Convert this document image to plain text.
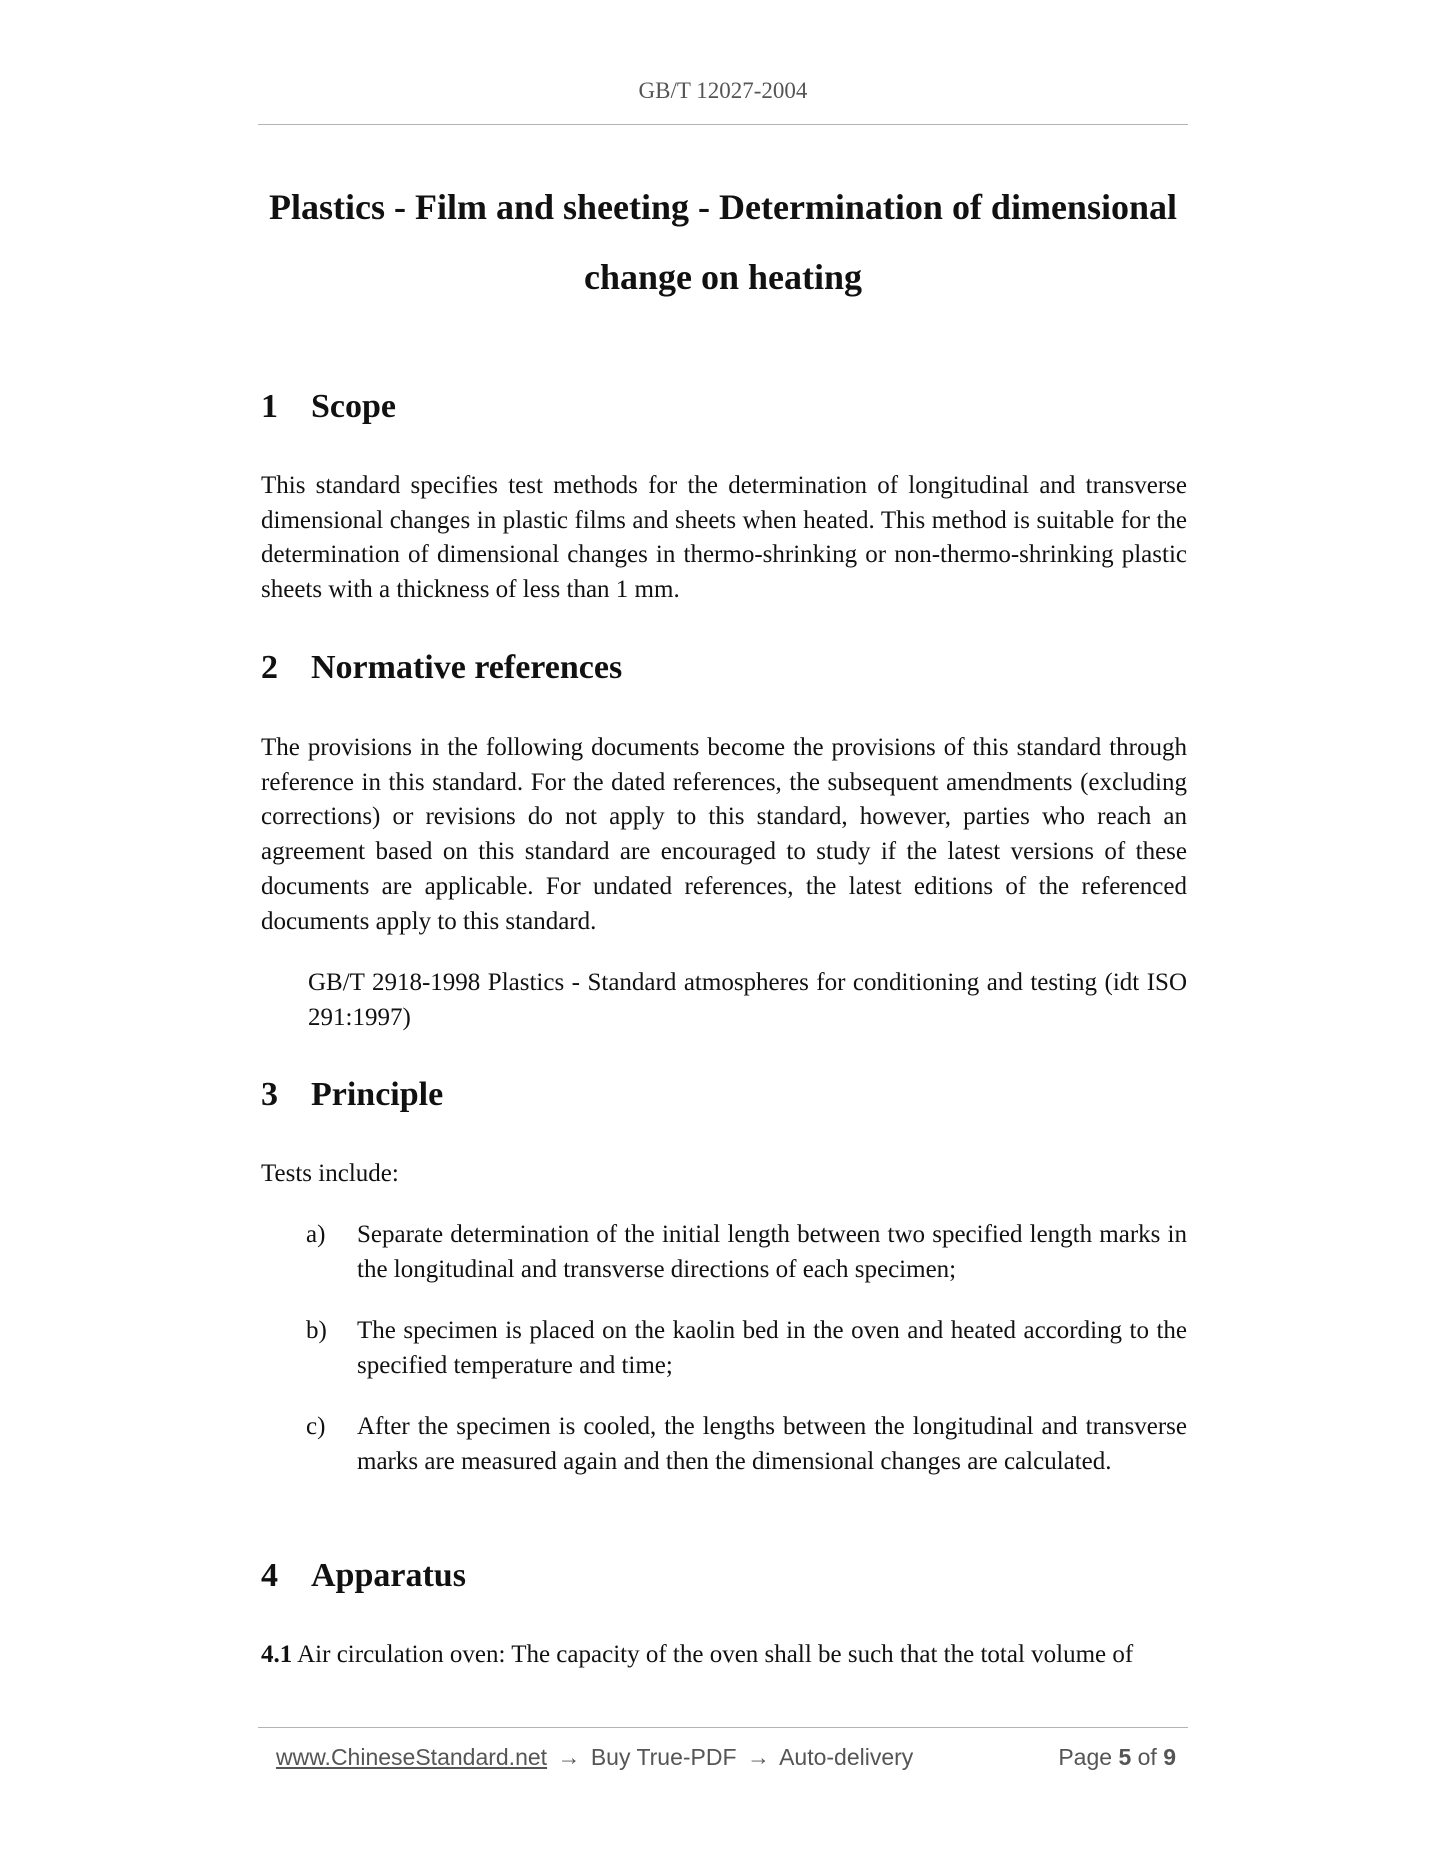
GB/T 12027-2004
Plastics - Film and sheeting - Determination of dimensional
change on heating
1 Scope

This standard specifies test methods for the determination of longitudinal and transverse dimensional changes in plastic films and sheets when heated. This method is suitable for the determination of dimensional changes in thermo-shrinking or non-thermo-shrinking plastic sheets with a thickness of less than 1 mm.

2 Normative references

The provisions in the following documents become the provisions of this standard through reference in this standard. For the dated references, the subsequent amendments (excluding corrections) or revisions do not apply to this standard, however, parties who reach an agreement based on this standard are encouraged to study if the latest versions of these documents are applicable. For undated references, the latest editions of the referenced documents apply to this standard.

GB/T 2918-1998 Plastics - Standard atmospheres for conditioning and testing (idt ISO 291:1997)

3 Principle

Tests include:

a) Separate determination of the initial length between two specified length marks in the longitudinal and transverse directions of each specimen;
b) The specimen is placed on the kaolin bed in the oven and heated according to the specified temperature and time;
c) After the specimen is cooled, the lengths between the longitudinal and transverse marks are measured again and then the dimensional changes are calculated.
4 Apparatus

4.1 Air circulation oven: The capacity of the oven shall be such that the total volume of

www.ChineseStandard.net → Buy True-PDF → Auto-delivery	Page 5 of 9
